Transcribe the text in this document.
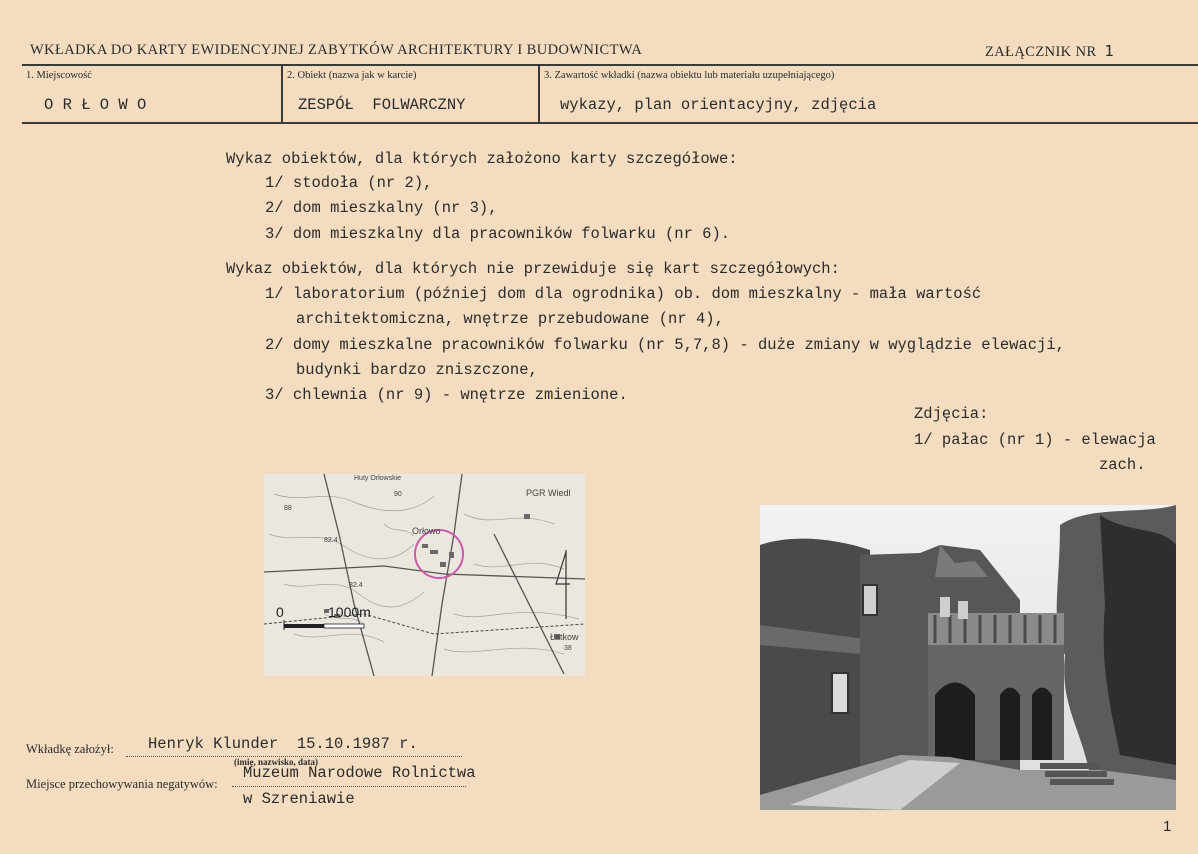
WKŁADKA DO KARTY EWIDENCYJNEJ ZABYTKÓW ARCHITEKTURY I BUDOWNICTWA	ZAŁĄCZNIK NR 1
1. Miejscowość	2. Obiekt (nazwa jak w karcie)	3. Zawartość wkładki (nazwa obiektu lub materiału uzupełniającego)
O R Ł O W O	ZESPÓŁ  FOLWARCZNY	wykazy, plan orientacyjny, zdjęcia
Wykaz obiektów, dla których założono karty szczegółowe:
1/ stodoła (nr 2),
2/ dom mieszkalny (nr 3),
3/ dom mieszkalny dla pracowników folwarku (nr 6).
Wykaz obiektów, dla których nie przewiduje się kart szczegółowych:
1/ laboratorium (później dom dla ogrodnika) ob. dom mieszkalny - mała wartość
architektomiczna, wnętrze przebudowane (nr 4),
2/ domy mieszkalne pracowników folwarku (nr 5,7,8) - duże zmiany w wyglądzie elewacji,
budynki bardzo zniszczone,
3/ chlewnia (nr 9) - wnętrze zmienione.
Zdjęcia:
1/ pałac (nr 1) - elewacja
zach.
Orłowo
PGR Wiedl
Łatkow
Huty Orłowskie
82.4
82.4
90
88
38
0	1000m
Wkładkę założył: Henryk Klunder  15.10.1987 r.
(imię, nazwisko, data)
Miejsce przechowywania negatywów:
Muzeum Narodowe Rolnictwa
w Szreniawie
1
